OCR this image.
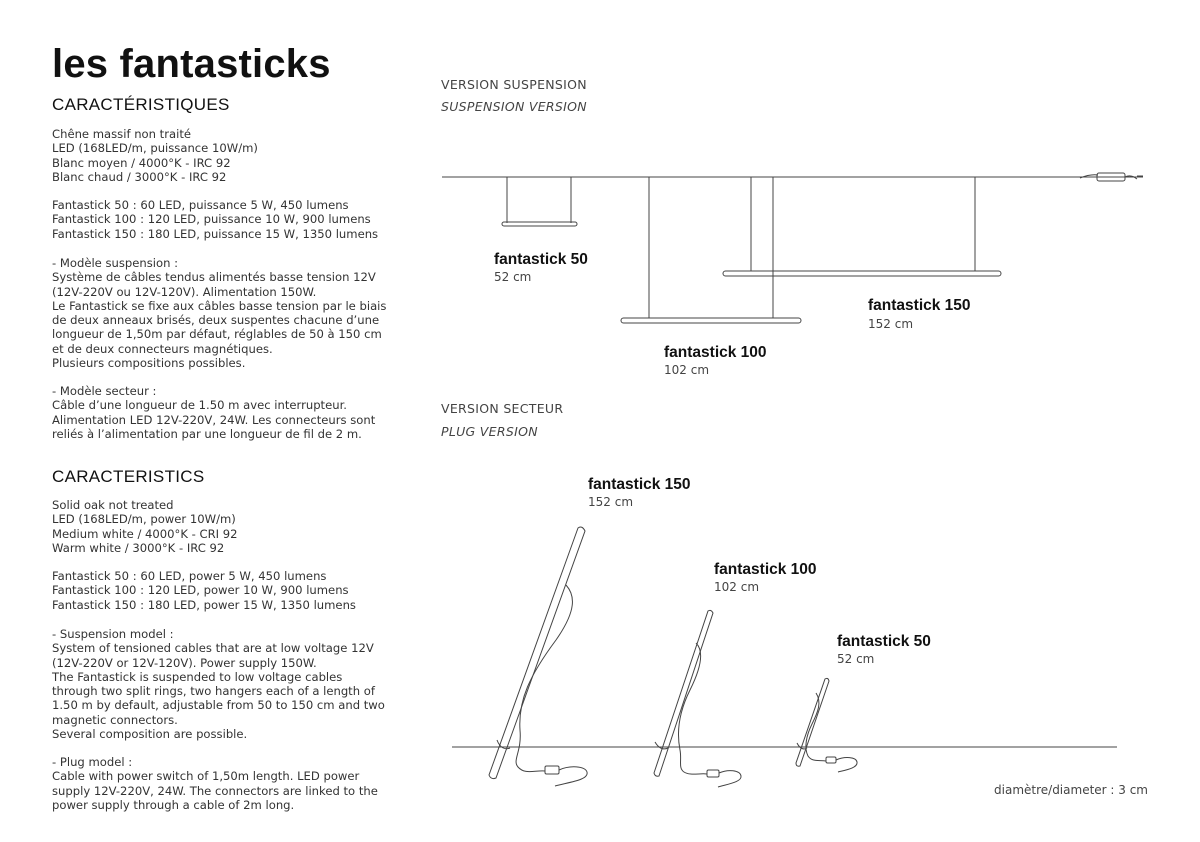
les fantasticks

CARACTÉRISTIQUES

Chêne massif non traité
LED (168LED/m, puissance 10W/m)
Blanc moyen / 4000°K - IRC 92
Blanc chaud / 3000°K - IRC 92

Fantastick 50 : 60 LED, puissance 5 W, 450 lumens
Fantastick 100 : 120 LED, puissance 10 W, 900 lumens
Fantastick 150 : 180 LED, puissance 15 W, 1350 lumens

- Modèle suspension :
Système de câbles tendus alimentés basse tension 12V
(12V-220V ou 12V-120V). Alimentation 150W.
Le Fantastick se fixe aux câbles basse tension par le biais
de deux anneaux brisés, deux suspentes chacune d’une
longueur de 1,50m par défaut, réglables de 50 à 150 cm
et de deux connecteurs magnétiques.
Plusieurs compositions possibles.

- Modèle secteur :
Câble d’une longueur de 1.50 m avec interrupteur.
Alimentation LED 12V-220V, 24W. Les connecteurs sont
reliés à l’alimentation par une longueur de fil de 2 m.

CARACTERISTICS

Solid oak not treated
LED (168LED/m, power 10W/m)
Medium white / 4000°K - CRI 92
Warm white / 3000°K - IRC 92

Fantastick 50 : 60 LED, power 5 W, 450 lumens
Fantastick 100 : 120 LED, power 10 W, 900 lumens
Fantastick 150 : 180 LED, power 15 W, 1350 lumens

- Suspension model :
System of tensioned cables that are at low voltage 12V
(12V-220V or 12V-120V). Power supply 150W.
The Fantastick is suspended to low voltage cables
through two split rings, two hangers each of a length of
1.50 m by default, adjustable from 50 to 150 cm and two
magnetic connectors.
Several composition are possible.

- Plug model :
Cable with power switch of 1,50m length. LED power
supply 12V-220V, 24W. The connectors are linked to the
power supply through a cable of 2m long.

VERSION SUSPENSION

SUSPENSION VERSION

fantastick 50

52 cm

fantastick 100

102 cm

fantastick 150

152 cm

VERSION SECTEUR

PLUG VERSION

fantastick 150

152 cm

fantastick 100

102 cm

fantastick 50

52 cm

diamètre/diameter : 3 cm
